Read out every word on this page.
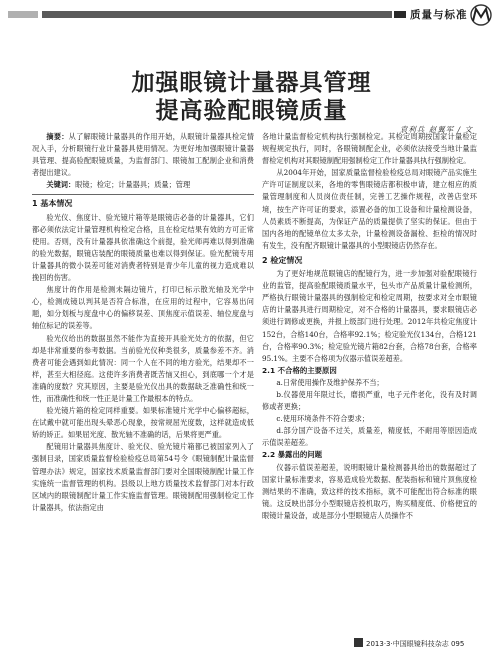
质量与标准
加强眼镜计量器具管理
提高验配眼镜质量
袁利兵 赵翼军 / 文

摘要：从了解眼镜计量器具的作用开始，从眼镜计量器具检定情况入手，分析眼镜行业计量器具使用情况。为更好地加强眼镜计量器具管理、提高验配眼镜质量，为监督部门、眼镜加工配制企业和消费者提出建议。

关键词：眼镜；检定；计量器具；质量；管理

1 基本情况

验光仪、焦度计、验光镜片箱等是眼镜店必备的计量器具，它们都必须依法定计量管理机构检定合格，且在检定结果有效的方可正常使用。否则，没有计量器具依准确这个前提，验光师再难以得到准确的验光数据，眼镜店装配的眼镜质量也难以得到保证。验光配镜专用计量器具的微小误差可能对消费者特别是青少年儿童的视力造成难以挽回的伤害。

焦度计的作用是检测未隔边镜片，打印已标示散光轴及光学中心，检测成镜以判其是否符合标准，在应用的过程中，它容易出问题，如分划板与度盘中心的偏移误差、顶焦度示值误差、轴位度盘与轴位标记的误差等。

验光仪给出的数据虽然不能作为直接开具验光处方的依据，但它却是非常重要的参考数据。当前验光仪种类很多，质量参差不齐。消费者可能会遇到如此情况：同一个人在不同的地方验光，结果却不一样，甚至大相径庭。这使许多消费者既苦恼又担心，到底哪一个才是准确的度数？究其原因，主要是验光仪出具的数据缺乏准确性和统一性，而准确性和统一性正是计量工作最根本的特点。

验光镜片箱的检定同样重要。如果标准镜片光学中心偏移超标，在试戴中就可能出现头晕恶心现象，按常规屈光度数，这样就造成低矫的矫正。如果屈光度、散光轴不准确的话，后果将更严重。

配镜用计量器具焦度计、验光仪、验光镜片箱都已被国家列入了强制目录，国家质量监督检验检疫总局第54号令《眼镜制配计量监督管理办法》规定，国家技术质量监督部门要对全国眼镜制配计量工作实施统一监督管理的机构。县级以上地方质量技术监督部门对本行政区域内的眼镜制配计量工作实施监督管理。眼镜制配用强制检定工作计量器具，依法指定由

各地计量监督检定机构执行强制检定。其检定周期按国家计量检定规程规定执行，同时，各眼镜制配企业，必须依法接受当地计量监督检定机构对其眼镜制配用强制检定工作计量器具执行强制检定。

从2004年开始，国家质量监督检验检疫总局对眼镜产品实施生产许可证制度以来，各地的零售眼镜店都积极申请，建立相应的质量管理制度和人员岗位责任制，完善工艺操作规程，改善店堂环境，按生产许可证的要求，添置必备的加工设备和计量检测设备，人员素质不断提高，为保证产品的质量提供了坚实的保证。但由于国内各地的配镜单位太多太杂，计量检测设备漏检、拒检的情况时有发生，没有配齐眼镜计量器具的小型眼镜店仍然存在。

2 检定情况

为了更好地规范眼镜店的配镜行为，进一步加强对验配眼镜行业的监管，提高验配眼镜质量水平，包头市产品质量计量检测所，严格执行眼镜计量器具的强制检定和检定周期，按要求对全市眼镜店的计量器具进行周期检定，对不合格的计量器具，要求眼镜店必须进行调修或更换，并报上级部门进行处理。2012年共检定焦度计152台，合格140台，合格率92.1%；检定验光仪134台，合格121台，合格率90.3%；检定验光镜片箱82台套，合格78台套，合格率95.1%。主要不合格项为仪器示值误差超差。

2.1 不合格的主要原因

a.日常使用操作及维护保养不当；

b.仪器使用年限过长，磨损严重，电子元件老化，没有及时调修或者更换；

c.使用环境条件不符合要求；

d.部分国产设备不过关，质量差，精度低，不耐用等原因造成示值误差超差。

2.2 暴露出的问题

仪器示值误差超差，说明眼镜计量检测器具给出的数据超过了国家计量标准要求，容易造成验光数据、配装指标和镜片顶焦度检测结果的不准确，致这样的技术指标，就不可能配出符合标准的眼镜。这反映出部分小型眼镜店投机取巧，购买精度低、价格便宜的眼镜计量设备，或是部分小型眼镜店人员操作不

2013·3·中国眼镜科技杂志 095
